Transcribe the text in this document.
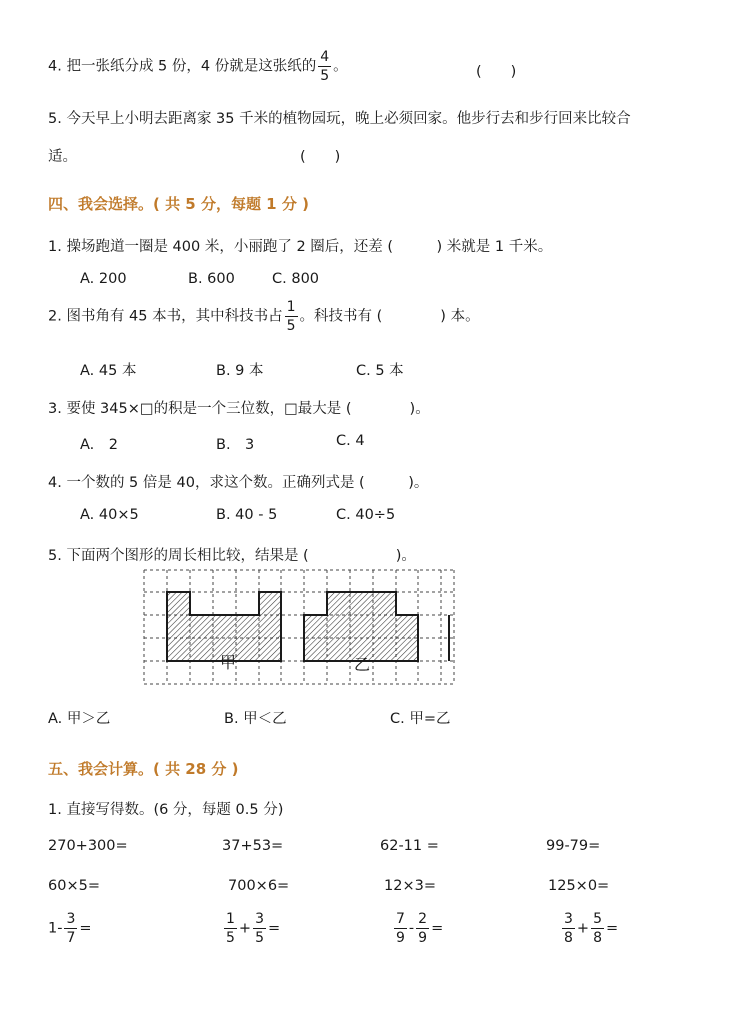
4. 把一张纸分成 5 份，4 份就是这张纸的 $\frac{4}{5}$ 。	(　　)
5. 今天早上小明去距离家 35 千米的植物园玩，晚上必须回家。他步行去和步行回来比较合
适。	(　　)
四、我会选择。( 共 5 分，每题 1 分 )
1. 操场跑道一圈是 400 米，小丽跑了 2 圈后，还差 (　　　) 米就是 1 千米。
A. 200	B. 600	C. 800
2. 图书角有 45 本书，其中科技书占 $\frac{1}{5}$ 。科技书有 (　　　　) 本。
A. 45 本	B. 9 本	C. 5 本
3. 要使 345×□的积是一个三位数，□最大是 (　　　　)。
A.　2	B.　3	C. 4
4. 一个数的 5 倍是 40，求这个数。正确列式是 (　　　)。
A. 40×5	B. 40 - 5	C. 40÷5
5. 下面两个图形的周长相比较，结果是 (　　　　　　)。
甲	乙
A. 甲＞乙	B. 甲＜乙	C. 甲=乙
五、我会计算。( 共 28 分 )
1. 直接写得数。(6 分，每题 0.5 分)
270+300=	37+53=	62-11 =	99-79=
60×5=	700×6=	12×3=	125×0=
$1- \frac{3}{7}$ =	$\frac{1}{5} + \frac{3}{5}$ =	$\frac{7}{9} - \frac{2}{9}$ =	$\frac{3}{8} + \frac{5}{8}$ =
